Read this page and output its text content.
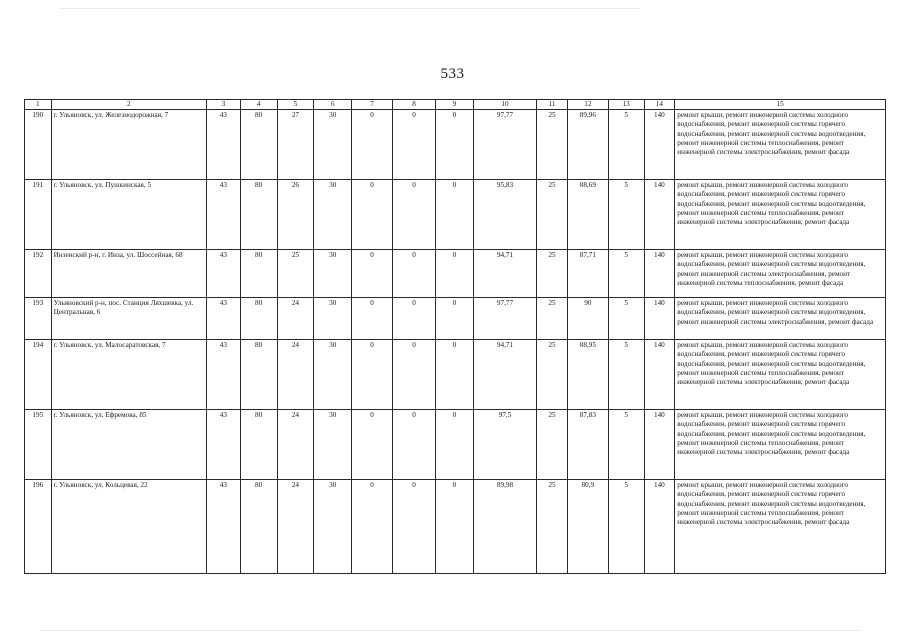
533
1	2	3	4	5	6	7	8	9	10	11	12	13	14	15
190	г. Ульяновск, ул. Железнодорожная, 7	43	80	27	30	0	0	0	97,77	25	89,96	5	140	ремонт крыши, ремонт инженерной системы холодного водоснабжения, ремонт инженерной системы горячего водоснабжения, ремонт инженерной системы водоотведения, ремонт инженерной системы теплоснабжения, ремонт инженерной системы электроснабжения, ремонт фасада
191	г. Ульяновск, ул. Пушкинская, 5	43	80	26	30	0	0	0	95,83	25	88,69	5	140	ремонт крыши, ремонт инженерной системы холодного водоснабжения, ремонт инженерной системы горячего водоснабжения, ремонт инженерной системы водоотведения, ремонт инженерной системы теплоснабжения, ремонт инженерной системы электроснабжения, ремонт фасада
192	Инзенский р-н, г. Инза, ул. Шоссейная, 68	43	80	25	30	0	0	0	94,71	25	87,71	5	140	ремонт крыши, ремонт инженерной системы холодного водоснабжения, ремонт инженерной системы водоотведения, ремонт инженерной системы электроснабжения, ремонт инженерной системы теплоснабжения, ремонт фасада
193	Ульяновский р-н, пос. Станция Ляхшевка, ул. Центральная, 6	43	80	24	30	0	0	0	97,77	25	90	5	140	ремонт крыши, ремонт инженерной системы холодного водоснабжения, ремонт инженерной системы водоотведения, ремонт инженерной системы электроснабжения, ремонт фасада
194	г. Ульяновск, ул. Малосаратовская, 7	43	80	24	30	0	0	0	94,71	25	88,95	5	140	ремонт крыши, ремонт инженерной системы холодного водоснабжения, ремонт инженерной системы горячего водоснабжения, ремонт инженерной системы водоотведения, ремонт инженерной системы теплоснабжения, ремонт инженерной системы электроснабжения, ремонт фасада
195	г. Ульяновск, ул. Ефремова, 85	43	80	24	30	0	0	0	97,5	25	87,83	5	140	ремонт крыши, ремонт инженерной системы холодного водоснабжения, ремонт инженерной системы горячего водоснабжения, ремонт инженерной системы водоотведения, ремонт инженерной системы теплоснабжения, ремонт инженерной системы электроснабжения, ремонт фасада
196	г. Ульяновск, ул. Кольцевая, 22	43	80	24	30	0	0	0	89,98	25	80,9	5	140	ремонт крыши, ремонт инженерной системы холодного водоснабжения, ремонт инженерной системы горячего водоснабжения, ремонт инженерной системы водоотведения, ремонт инженерной системы теплоснабжения, ремонт инженерной системы электроснабжения, ремонт фасада
